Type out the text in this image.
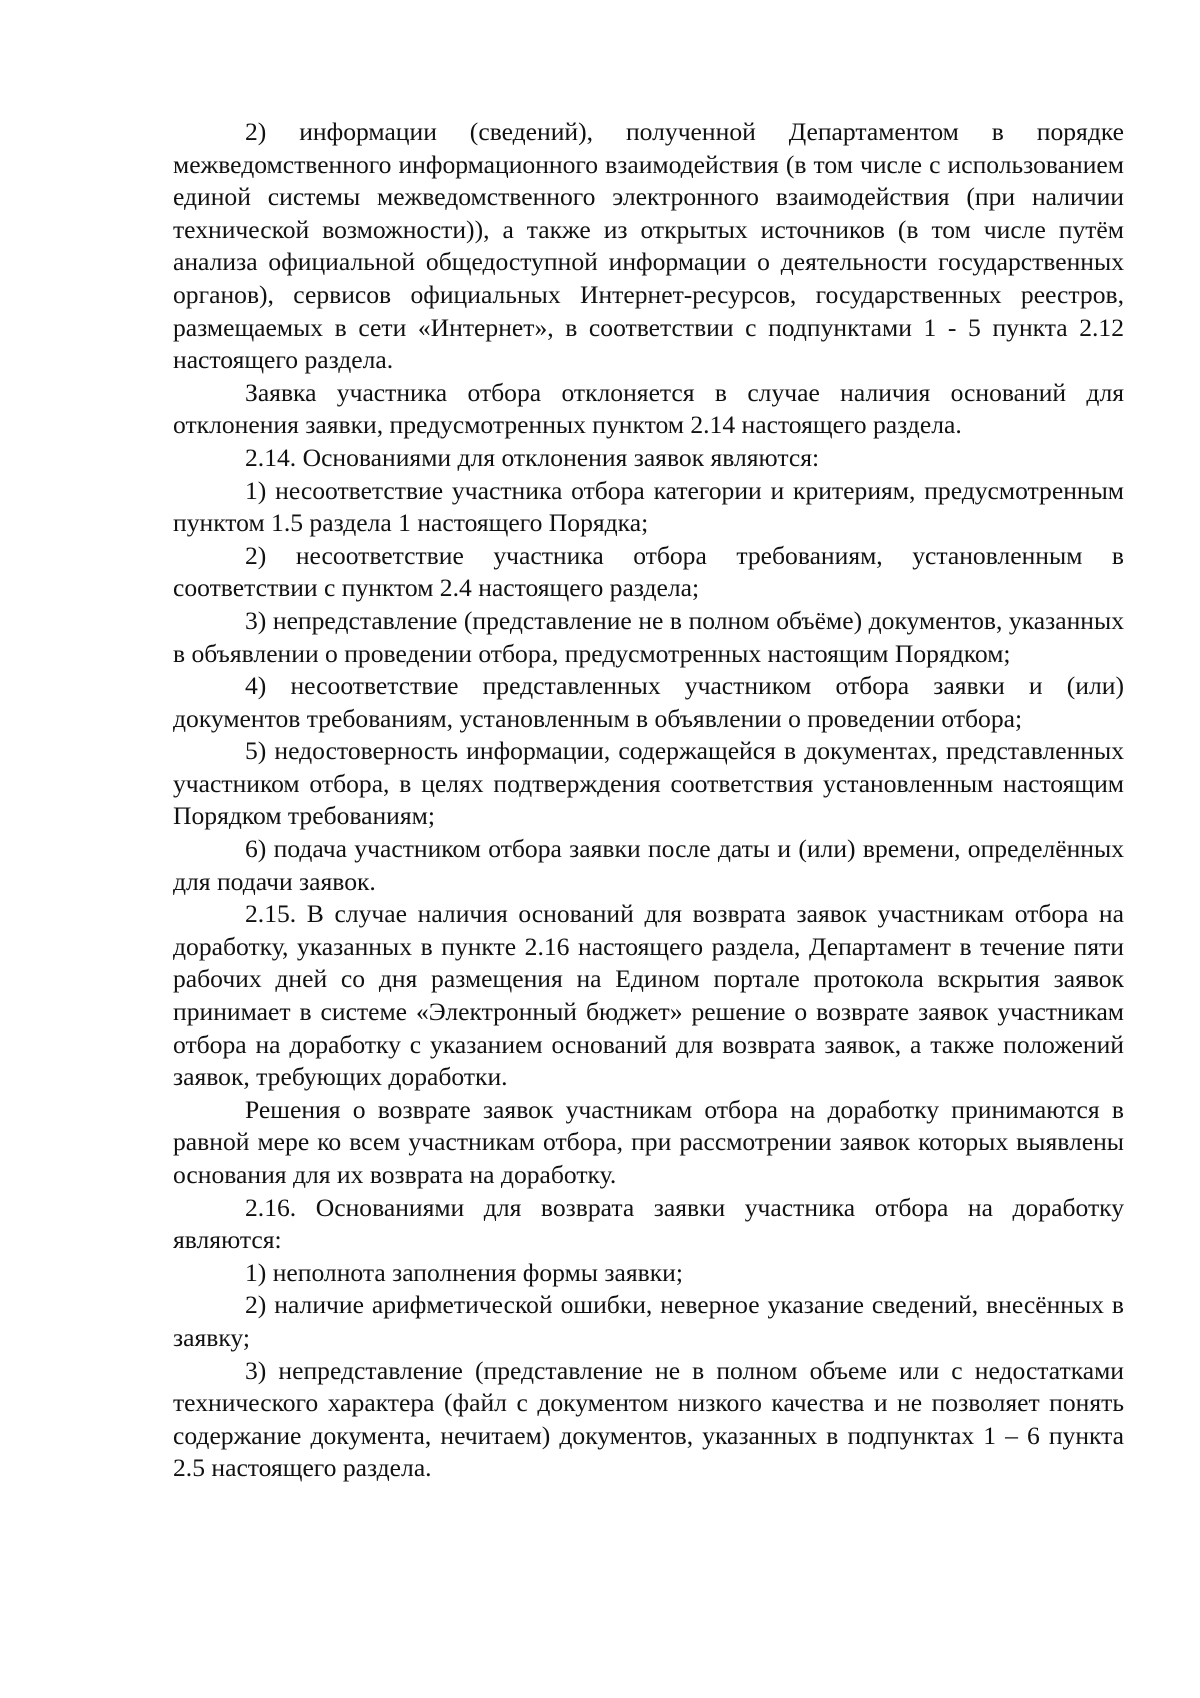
2) информации (сведений), полученной Департаментом в порядке межведомственного информационного взаимодействия (в том числе с использованием единой системы межведомственного электронного взаимодействия (при наличии технической возможности)), а также из открытых источников (в том числе путём анализа официальной общедоступной информации о деятельности государственных органов), сервисов официальных Интернет-ресурсов, государственных реестров, размещаемых в сети «Интернет», в соответствии с подпунктами 1 - 5 пункта 2.12 настоящего раздела.

Заявка участника отбора отклоняется в случае наличия оснований для отклонения заявки, предусмотренных пунктом 2.14 настоящего раздела.

2.14. Основаниями для отклонения заявок являются:

1) несоответствие участника отбора категории и критериям, предусмотренным пунктом 1.5 раздела 1 настоящего Порядка;

2) несоответствие участника отбора требованиям, установленным в соответствии с пунктом 2.4 настоящего раздела;

3) непредставление (представление не в полном объёме) документов, указанных в объявлении о проведении отбора, предусмотренных настоящим Порядком;

4) несоответствие представленных участником отбора заявки и (или) документов требованиям, установленным в объявлении о проведении отбора;

5) недостоверность информации, содержащейся в документах, представленных участником отбора, в целях подтверждения соответствия установленным настоящим Порядком требованиям;

6) подача участником отбора заявки после даты и (или) времени, определённых для подачи заявок.

2.15. В случае наличия оснований для возврата заявок участникам отбора на доработку, указанных в пункте 2.16 настоящего раздела, Департамент в течение пяти рабочих дней со дня размещения на Едином портале протокола вскрытия заявок принимает в системе «Электронный бюджет» решение о возврате заявок участникам отбора на доработку с указанием оснований для возврата заявок, а также положений заявок, требующих доработки.

Решения о возврате заявок участникам отбора на доработку принимаются в равной мере ко всем участникам отбора, при рассмотрении заявок которых выявлены основания для их возврата на доработку.

2.16. Основаниями для возврата заявки участника отбора на доработку являются:

1) неполнота заполнения формы заявки;

2) наличие арифметической ошибки, неверное указание сведений, внесённых в заявку;

3) непредставление (представление не в полном объеме или с недостатками технического характера (файл с документом низкого качества и не позволяет понять содержание документа, нечитаем) документов, указанных в подпунктах 1 – 6 пункта 2.5 настоящего раздела.
